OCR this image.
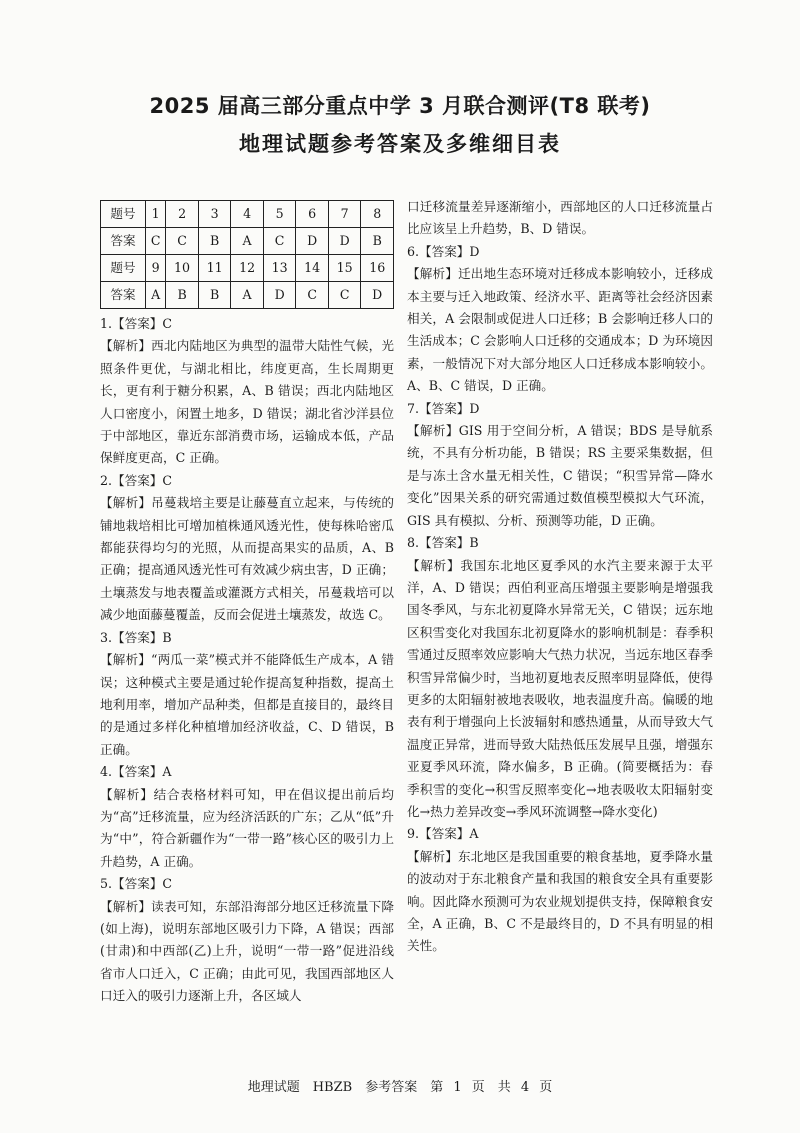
2025 届高三部分重点中学 3 月联合测评(T8 联考)
地理试题参考答案及多维细目表
题号	1	2	3	4	5	6	7	8
答案	C	C	B	A	C	D	D	B
题号	9	10	11	12	13	14	15	16
答案	A	B	B	A	D	C	C	D

1.【答案】C

【解析】西北内陆地区为典型的温带大陆性气候，光照条件更优，与湖北相比，纬度更高，生长周期更长，更有利于糖分积累，A、B 错误；西北内陆地区人口密度小，闲置土地多，D 错误；湖北省沙洋县位于中部地区，靠近东部消费市场，运输成本低，产品保鲜度更高，C 正确。

2.【答案】C

【解析】吊蔓栽培主要是让藤蔓直立起来，与传统的铺地栽培相比可增加植株通风透光性，使每株哈密瓜都能获得均匀的光照，从而提高果实的品质，A、B 正确；提高通风透光性可有效减少病虫害，D 正确；土壤蒸发与地表覆盖或灌溉方式相关，吊蔓栽培可以减少地面藤蔓覆盖，反而会促进土壤蒸发，故选 C。

3.【答案】B

【解析】“两瓜一菜”模式并不能降低生产成本，A 错误；这种模式主要是通过轮作提高复种指数，提高土地利用率，增加产品种类，但都是直接目的，最终目的是通过多样化种植增加经济收益，C、D 错误，B 正确。

4.【答案】A

【解析】结合表格材料可知，甲在倡议提出前后均为“高”迁移流量，应为经济活跃的广东；乙从“低”升为“中”，符合新疆作为“一带一路”核心区的吸引力上升趋势，A 正确。

5.【答案】C

【解析】读表可知，东部沿海部分地区迁移流量下降(如上海)，说明东部地区吸引力下降，A 错误；西部(甘肃)和中西部(乙)上升，说明“一带一路”促进沿线省市人口迁入，C 正确；由此可见，我国西部地区人口迁入的吸引力逐渐上升，各区域人

口迁移流量差异逐渐缩小，西部地区的人口迁移流量占比应该呈上升趋势，B、D 错误。

6.【答案】D

【解析】迁出地生态环境对迁移成本影响较小，迁移成本主要与迁入地政策、经济水平、距离等社会经济因素相关，A 会限制或促进人口迁移；B 会影响迁移人口的生活成本；C 会影响人口迁移的交通成本；D 为环境因素，一般情况下对大部分地区人口迁移成本影响较小。A、B、C 错误，D 正确。

7.【答案】D

【解析】GIS 用于空间分析，A 错误；BDS 是导航系统，不具有分析功能，B 错误；RS 主要采集数据，但是与冻土含水量无相关性，C 错误；“积雪异常—降水变化”因果关系的研究需通过数值模型模拟大气环流，GIS 具有模拟、分析、预测等功能，D 正确。

8.【答案】B

【解析】我国东北地区夏季风的水汽主要来源于太平洋，A、D 错误；西伯利亚高压增强主要影响是增强我国冬季风，与东北初夏降水异常无关，C 错误；远东地区积雪变化对我国东北初夏降水的影响机制是：春季积雪通过反照率效应影响大气热力状况，当远东地区春季积雪异常偏少时，当地初夏地表反照率明显降低，使得更多的太阳辐射被地表吸收，地表温度升高。偏暖的地表有利于增强向上长波辐射和感热通量，从而导致大气温度正异常，进而导致大陆热低压发展早且强，增强东亚夏季风环流，降水偏多，B 正确。(简要概括为：春季积雪的变化→积雪反照率变化→地表吸收太阳辐射变化→热力差异改变→季风环流调整→降水变化)

9.【答案】A

【解析】东北地区是我国重要的粮食基地，夏季降水量的波动对于东北粮食产量和我国的粮食安全具有重要影响。因此降水预测可为农业规划提供支持，保障粮食安全，A 正确，B、C 不是最终目的，D 不具有明显的相关性。

地理试题　HBZB　参考答案　第 1 页　共 4 页
